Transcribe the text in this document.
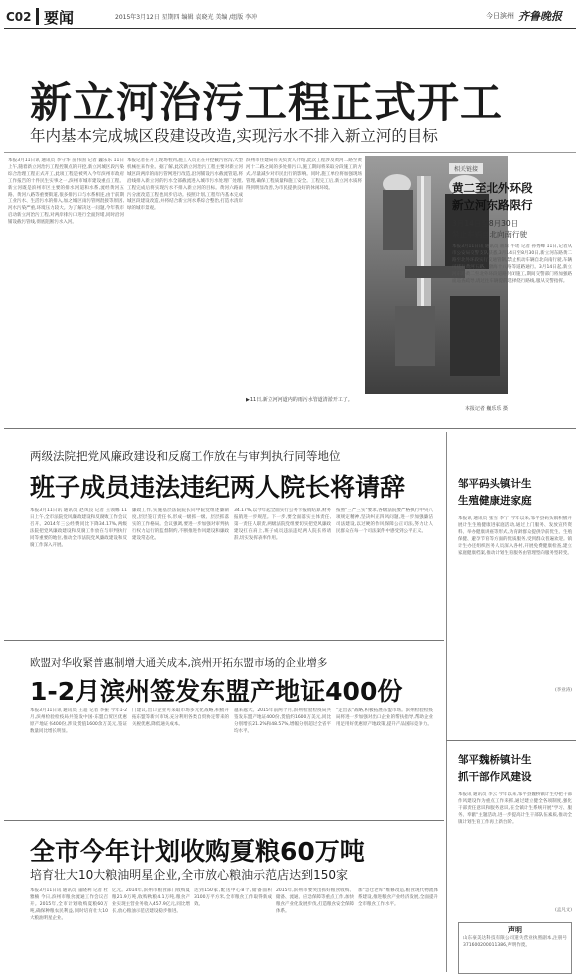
C02 要闻	2015年3月12日 星期四 编辑 袁晓光 美编 /组版 李冲	今日滨州 齐鲁晚报
新立河治污工程正式开工
年内基本完成城区段建设改造,实现污水不排入新立河的目标
本报3月11日讯 通讯员 李守华 苗伟国 记者 巍乐乐 11日上午,随着新立河治污工程控制点的开挖,新立河城区段污染综合治理工程正式开工,此项工程是被列入今年滨州市政府工作报告的十件民生实事之一,滨州市城市建设重点工程。新立河既是滨州市区主要的排水河道和水系,流经黄河五路、黄河八路等重要街道,很多排污口与水系相连,由于前期工业污水、生活污水的排入,加之城区雨污管网混接等原因,河水污染严重,环境压力较大。为了解决这一问题,今年我市启动新立河治污工程,对两岸排污口进行全面封堵,同时沿河铺设截污管线,彻底阻断污水入河。
本报记者在开工现场看到,施工人员正在开挖截污管沟,大型机械往来作业。据了解,此次新立河治污工程主要对新立河城区段两岸的雨污管网进行改造,沿河铺设污水截流管道,将沿线排入新立河的污水全部截流进入城市污水处理厂处理,工程完成后将实现污水不排入新立河的目标。黄河六路雨污分流改造工程也同步启动。按照计划,工程年内基本完成城区段建设改造,并将结合新立河水系综合整治,打造水清岸绿的城市景观。
滨州市住建局有关负责人介绍,此次工程涉及黄河二路至黄河十二路之间的多处排污口,施工期间将采取分段施工的方式,尽量减少对市民出行的影响。同时,施工单位将加强现场管理,确保工程质量和施工安全。工程完工后,新立河水质将得到明显改善,为市民提供良好的休闲环境。
▶11日,新立河河道内的雨污水管道清淤开工了。
本报记者 巍乐乐 摄
相关链接
黄二至北外环段
新立河东路限行
3月14日至8月30日
禁止车辆自北向南行驶
本报3月11日讯 通讯员 蒋琛 牛瑶 记者 孙秀峰 11日,记者从市公安局交警支队获悉,3月14日至8月30日,新立河东路黄二路至北外环段实行交通管制,禁止机动车辆自北向南行驶,车辆可绕行黄河五路、渤海十八路等道路通行。3月14日起,新立河东路黄二至北外环段道路封闭施工,期间交警部门将加强路面巡查疏导,请过往车辆提前选择绕行路线,服从交警指挥。
两级法院把党风廉政建设和反腐工作放在与审判执行同等地位
班子成员违法违纪两人院长将请辞
本报3月11日讯 通讯员 赵凤良 记者 王领娜 11日上午,全市法院党风廉政建设和反腐败工作会议召开。2014年三公经费同比下降34.17%,两级法院把党风廉政建设和反腐工作放在与审判执行同等重要的地位,推动全市法院党风廉政建设和反腐工作深入开展。
廉政工作,实施基层法院院长向中院党组述廉制度,层层签订责任书,形成一级抓一级、层层抓落实的工作格局。会议强调,要进一步加强对审判执行权力运行的监督制约,不断推进作风建设和廉政建设常态化。
34.17%,以今年起全面实行公务卡报销结算,财务报销进一步规范。下一步,要全面落实主体责任,第一责任人职责,两级法院党组要切实把党风廉政建设扛在肩上,班子成员违法违纪两人院长将请辞,切实发挥表率作用。
按照"三严三实"要求,各级法院要严格执行中央八项规定精神,坚决纠正四风问题,进一步加强廉洁司法建设,以过硬的作风保障公正司法,努力让人民群众在每一个司法案件中感受到公平正义。
邹平码头镇计生
生殖健康进家庭
本报讯 通讯员 张雪 李宁 今年以来,邹平县码头镇积极开展计生生殖健康进家庭活动,通过上门服务、发放宣传资料、举办健康讲座等形式,为育龄群众提供孕前优生、生殖保健、避孕节育等方面的优质服务,受到群众普遍欢迎。镇计生办还组织医务人员深入各村,开展免费健康检查,建立家庭健康档案,推动计划生育服务由管理型向服务型转变。
(李业涛)
欧盟对华收紧普惠制增大通关成本,滨州开拓东盟市场的企业增多
1-2月滨州签发东盟产地证400份
本报3月11日讯 通讯员 王超 记者 李振 今年1-2月,滨州检验检疫局共签发中国-东盟自贸区优惠原产地证书400份,涉及货值1600余万美元,签证数量同比增长明显。
门建议,出口企业可采取市场多元化战略,积极开拓东盟等新兴市场,充分利用各类自贸协定带来的关税优惠,降低通关成本。
越来越大。2015年前两个月,滨州检验检疫局共签发东盟产地证400份,货值约1600万美元,同比分别增长21.2%和48.57%,增幅分别超过全省平均水平。
"走出去"战略,积极拓展东盟市场。滨州检验检疫局将进一步加强对出口企业的帮扶指导,帮助企业用足用好优惠原产地政策,提升产品国际竞争力。
全市今年计划收购夏粮60万吨
培育壮大10大粮油明星企业,全市放心粮油示范店达到150家
本报3月11日讯 通讯员 董晓利 记者 杜雅楠 今日,滨州市粮食流通工作会议召开。2015年,全市计划收购夏粮60万吨,确保种粮农民利益,同时培育壮大10大粮油明星企业。
亿元。2014年,滨州市粮食部门收购夏粮21.9万吨,收购秋粮4.1万吨,粮食产业实现主营业务收入457.9亿元,同比增长,放心粮油示范店建设稳步推进。
达到150家,配送中心8个,储备面积3100万平方米,全市粮食工作取得新成效。
2015年,滨州市要突出抓好粮食收购、储备、流通、应急保障等重点工作,加快粮食产业化发展步伐,打造粮食安全保障体系。
加"急仓老库"维修改造,粮食现代物流体系建设,推进粮食产业经济发展,全面提升全市粮食工作水平。
邹平魏桥镇计生
抓干部作风建设
本报讯 通讯员 李云 今年以来,邹平县魏桥镇计生办把干部作风建设作为重点工作来抓,通过建立健全各项制度,强化干部责任意识和服务意识,在全镇计生系统开展"学习、服务、奉献"主题活动,进一步提高计生干部队伍素质,推动全镇计划生育工作再上新台阶。
(孟凡文)
声明
山东豪美达科技有限公司遗失营业执照副本,注册号371600200011386,声明作废。
